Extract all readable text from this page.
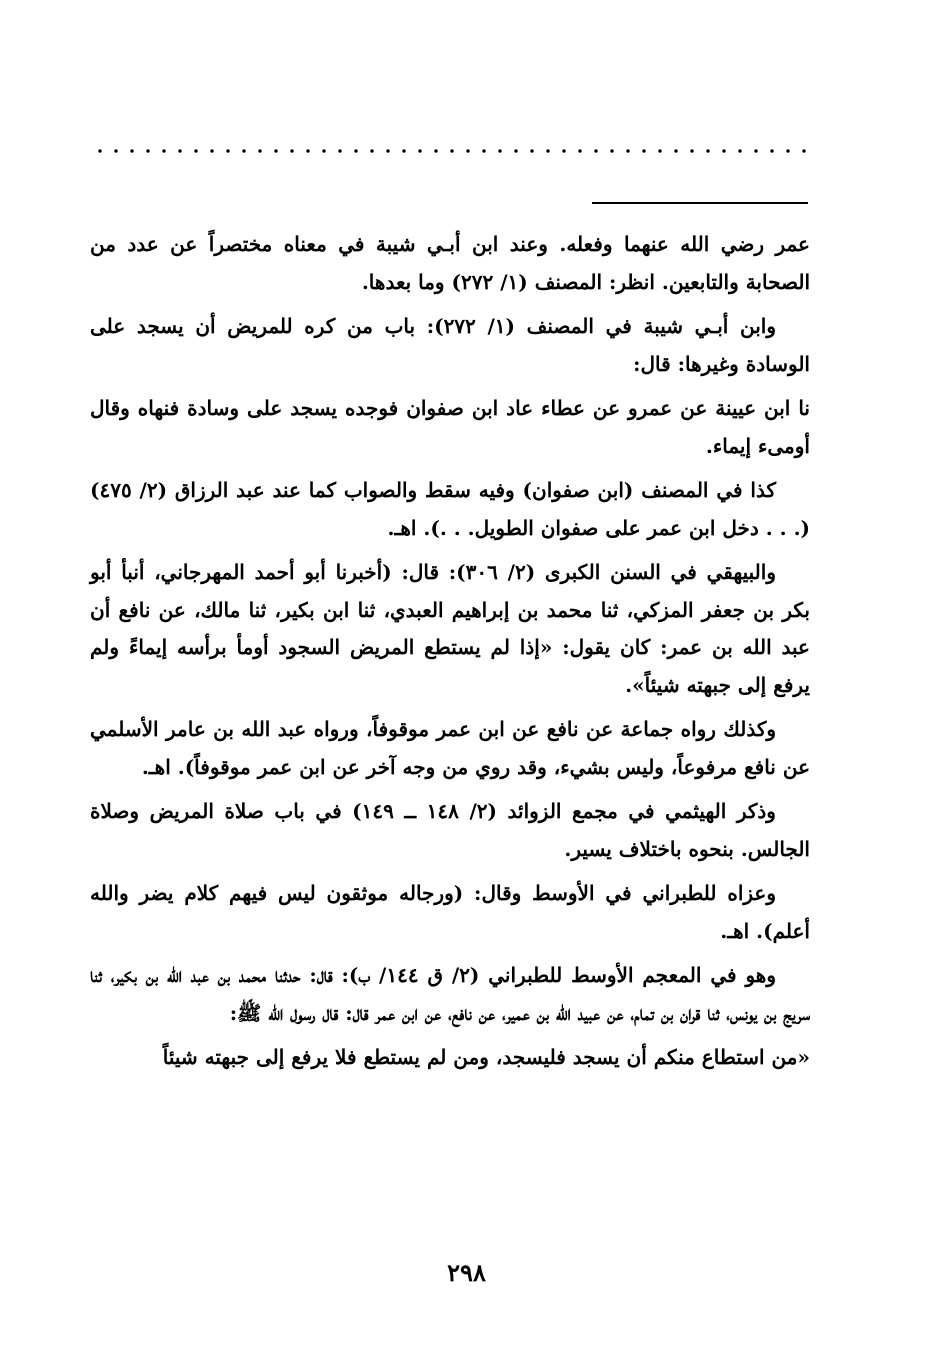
عمر رضي الله عنهما وفعله. وعند ابن أبـي شيبة في معناه مختصراً عن عدد من الصحابة والتابعين. انظر: المصنف (١/ ٢٧٢) وما بعدها.

وابن أبـي شيبة في المصنف (١/ ٢٧٢): باب من كره للمريض أن يسجد على الوسادة وغيرها: قال:

نا ابن عيينة عن عمرو عن عطاء عاد ابن صفوان فوجده يسجد على وسادة فنهاه وقال أومىء إيماء.

كذا في المصنف (ابن صفوان) وفيه سقط والصواب كما عند عبد الرزاق (٢/ ٤٧٥) (. . . دخل ابن عمر على صفوان الطويل. . .). اهـ.

والبيهقي في السنن الكبرى (٢/ ٣٠٦): قال: (أخبرنا أبو أحمد المهرجاني، أنبأ أبو بكر بن جعفر المزكي، ثنا محمد بن إبراهيم العبدي، ثنا ابن بكير، ثنا مالك، عن نافع أن عبد الله بن عمر: كان يقول: «إذا لم يستطع المريض السجود أومأ برأسه إيماءً ولم يرفع إلى جبهته شيئاً».

وكذلك رواه جماعة عن نافع عن ابن عمر موقوفاً، ورواه عبد الله بن عامر الأسلمي عن نافع مرفوعاً، وليس بشيء، وقد روي من وجه آخر عن ابن عمر موقوفاً). اهـ.

وذكر الهيثمي في مجمع الزوائد (٢/ ١٤٨ ــ ١٤٩) في باب صلاة المريض وصلاة الجالس. بنحوه باختلاف يسير.

وعزاه للطبراني في الأوسط وقال: (ورجاله موثقون ليس فيهم كلام يضر والله أعلم). اهـ.

وهو في المعجم الأوسط للطبراني (٢/ ق ١٤٤/ ب): قال: حدثنا محمد بن عبد الله بن بكير، ثنا سريج بن يونس، ثنا قران بن تمام، عن عبيد الله بن عمير، عن نافع، عن ابن عمر قال: قال رسول الله ﷺ:

«من استطاع منكم أن يسجد فليسجد، ومن لم يستطع فلا يرفع إلى جبهته شيئاً

٢٩٨
